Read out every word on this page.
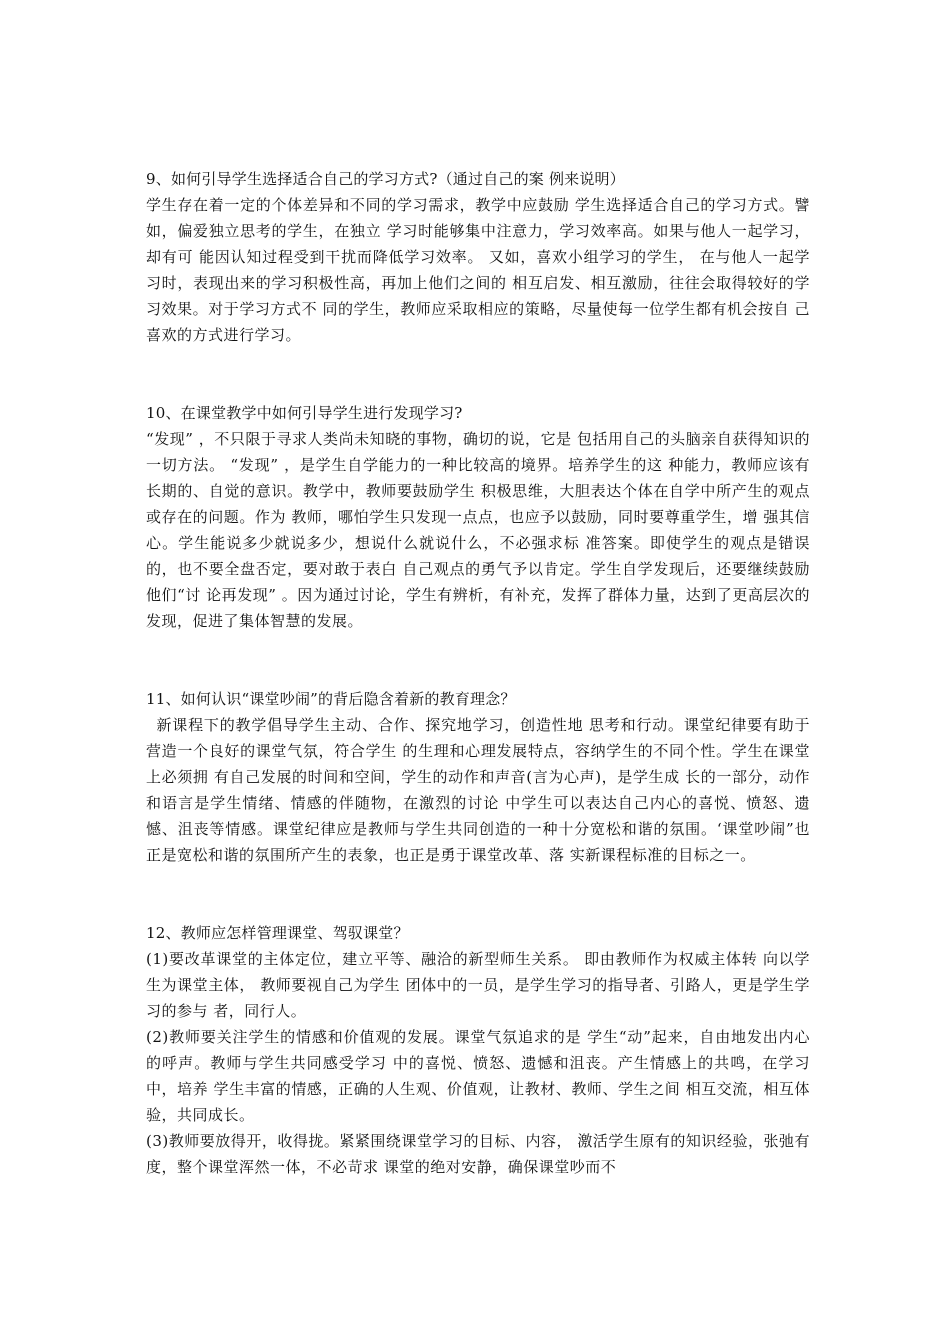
9、如何引导学生选择适合自己的学习方式?（通过自己的案 例来说明）

学生存在着一定的个体差异和不同的学习需求，教学中应鼓励 学生选择适合自己的学习方式。譬如，偏爱独立思考的学生，在独立 学习时能够集中注意力，学习效率高。如果与他人一起学习，却有可 能因认知过程受到干扰而降低学习效率。 又如，喜欢小组学习的学生， 在与他人一起学习时，表现出来的学习积极性高，再加上他们之间的 相互启发、相互激励，往往会取得较好的学习效果。对于学习方式不 同的学生，教师应采取相应的策略，尽量使每一位学生都有机会按自 己喜欢的方式进行学习。

10、在课堂教学中如何引导学生进行发现学习?

“发现” ，不只限于寻求人类尚未知晓的事物，确切的说，它是 包括用自己的头脑亲自获得知识的一切方法。 “发现” ，是学生自学能力的一种比较高的境界。培养学生的这 种能力，教师应该有长期的、自觉的意识。教学中，教师要鼓励学生 积极思维，大胆表达个体在自学中所产生的观点或存在的问题。作为 教师，哪怕学生只发现一点点，也应予以鼓励，同时要尊重学生，增 强其信心。学生能说多少就说多少，想说什么就说什么，不必强求标 准答案。即使学生的观点是错误的，也不要全盘否定，要对敢于表白 自己观点的勇气予以肯定。学生自学发现后，还要继续鼓励他们“讨 论再发现” 。因为通过讨论，学生有辨析，有补充，发挥了群体力量，达到了更高层次的发现，促进了集体智慧的发展。

11、如何认识“课堂吵闹”的背后隐含着新的教育理念？

新课程下的教学倡导学生主动、合作、探究地学习，创造性地 思考和行动。课堂纪律要有助于营造一个良好的课堂气氛，符合学生 的生理和心理发展特点，容纳学生的不同个性。学生在课堂上必须拥 有自己发展的时间和空间，学生的动作和声音(言为心声)，是学生成 长的一部分，动作和语言是学生情绪、情感的伴随物，在激烈的讨论 中学生可以表达自己内心的喜悦、愤怒、遗憾、沮丧等情感。课堂纪律应是教师与学生共同创造的一种十分宽松和谐的氛围。‘课堂吵闹”也正是宽松和谐的氛围所产生的表象，也正是勇于课堂改革、落 实新课程标准的目标之一。

12、教师应怎样管理课堂、驾驭课堂？

(1)要改革课堂的主体定位，建立平等、融洽的新型师生关系。 即由教师作为权威主体转 向以学生为课堂主体， 教师要视自己为学生 团体中的一员，是学生学习的指导者、引路人，更是学生学习的参与 者，同行人。

(2)教师要关注学生的情感和价值观的发展。课堂气氛追求的是 学生“动”起来，自由地发出内心的呼声。教师与学生共同感受学习 中的喜悦、愤怒、遗憾和沮丧。产生情感上的共鸣，在学习中，培养 学生丰富的情感，正确的人生观、价值观，让教材、教师、学生之间 相互交流，相互体验，共同成长。

(3)教师要放得开，收得拢。紧紧围绕课堂学习的目标、内容， 激活学生原有的知识经验，张弛有度，整个课堂浑然一体，不必苛求 课堂的绝对安静，确保课堂吵而不
